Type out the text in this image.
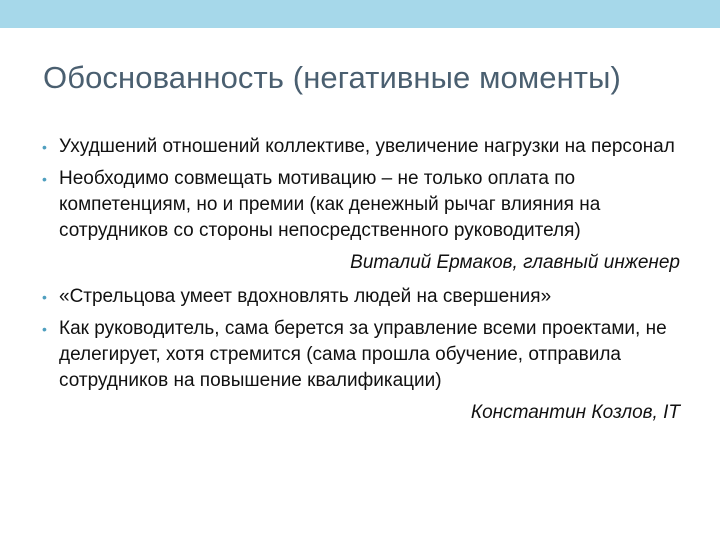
Обоснованность (негативные моменты)
• Ухудшений отношений коллективе, увеличение нагрузки на персонал
• Необходимо совмещать мотивацию – не только оплата по компетенциям, но и премии (как денежный рычаг влияния на сотрудников со стороны непосредственного руководителя)
Виталий Ермаков, главный инженер
• «Стрельцова умеет вдохновлять людей на свершения»
• Как руководитель, сама берется за управление всеми проектами, не делегирует, хотя стремится (сама прошла обучение, отправила сотрудников на повышение квалификации)
Константин Козлов, IT
